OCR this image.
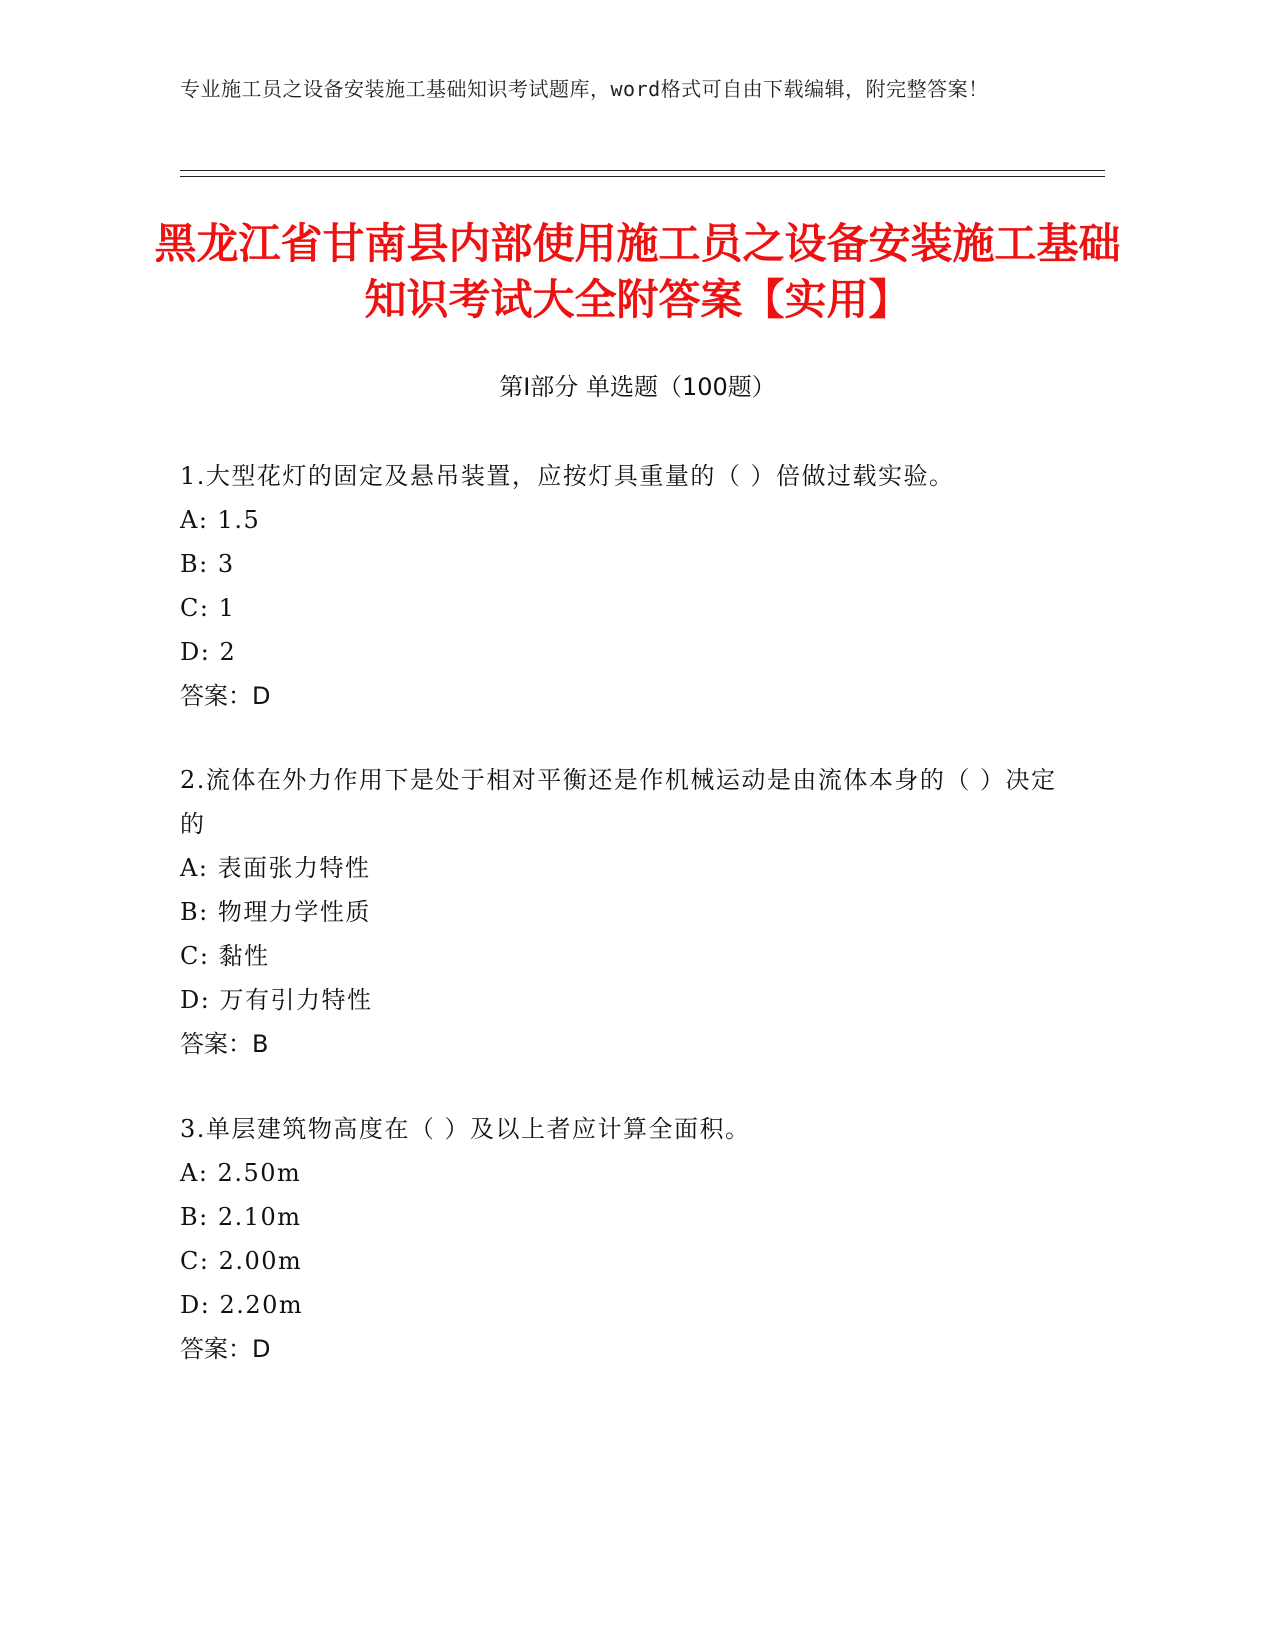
专业施工员之设备安装施工基础知识考试题库，word格式可自由下载编辑，附完整答案！
黑龙江省甘南县内部使用施工员之设备安装施工基础知识考试大全附答案【实用】
第Ⅰ部分 单选题（100题）
1.大型花灯的固定及悬吊装置，应按灯具重量的（ ）倍做过载实验。
A: 1.5
B: 3
C: 1
D: 2
答案：D
2.流体在外力作用下是处于相对平衡还是作机械运动是由流体本身的（ ）决定的
A: 表面张力特性
B: 物理力学性质
C: 黏性
D: 万有引力特性
答案：B
3.单层建筑物高度在（ ）及以上者应计算全面积。
A: 2.50m
B: 2.10m
C: 2.00m
D: 2.20m
答案：D
